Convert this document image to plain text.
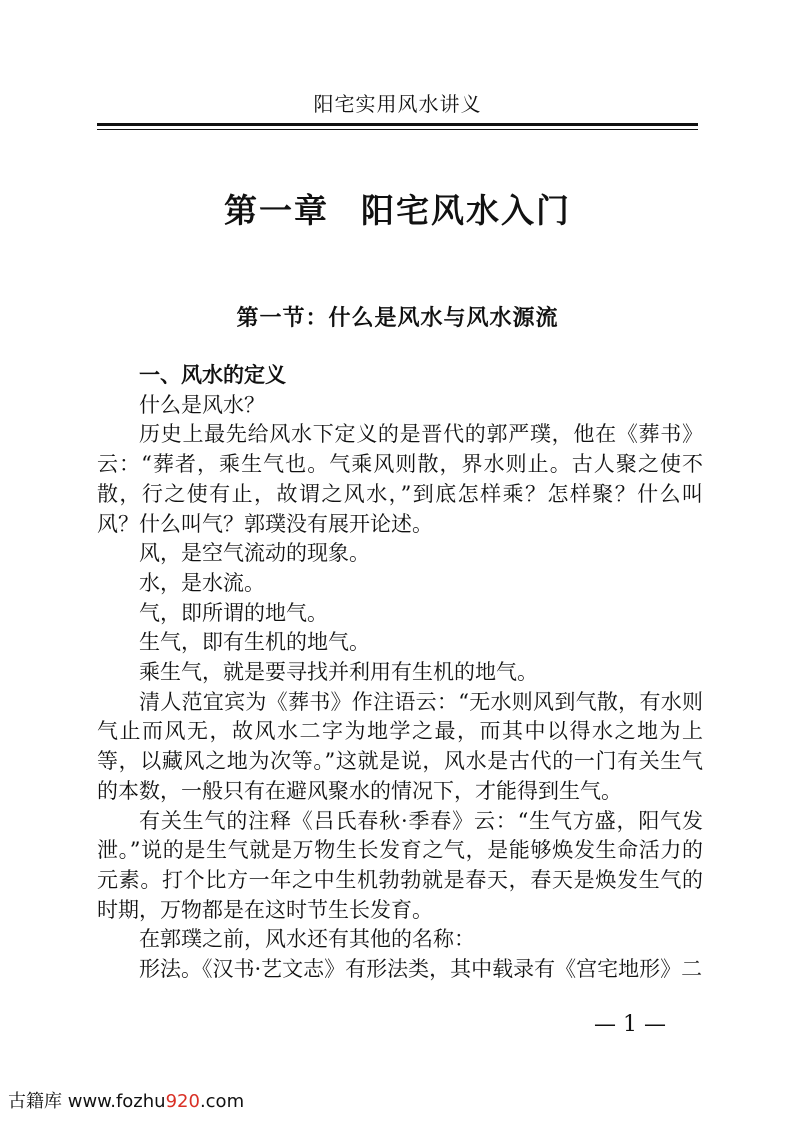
阳宅实用风水讲义
第一章 阳宅风水入门
第一节：什么是风水与风水源流

一、风水的定义

什么是风水？

历史上最先给风水下定义的是晋代的郭严璞，他在《葬书》云：“葬者，乘生气也。气乘风则散，界水则止。古人聚之使不散，行之使有止，故谓之风水，”到底怎样乘？怎样聚？什么叫风？什么叫气？郭璞没有展开论述。

风，是空气流动的现象。

水，是水流。

气，即所谓的地气。

生气，即有生机的地气。

乘生气，就是要寻找并利用有生机的地气。

清人范宜宾为《葬书》作注语云：“无水则风到气散，有水则气止而风无，故风水二字为地学之最，而其中以得水之地为上等，以藏风之地为次等。”这就是说，风水是古代的一门有关生气的本数，一般只有在避风聚水的情况下，才能得到生气。

有关生气的注释《吕氏春秋·季春》云：“生气方盛，阳气发泄。”说的是生气就是万物生长发育之气，是能够焕发生命活力的元素。打个比方一年之中生机勃勃就是春天，春天是焕发生气的时期，万物都是在这时节生长发育。

在郭璞之前，风水还有其他的名称：

形法。《汉书·艺文志》有形法类，其中载录有《宫宅地形》二

— 1 —
古籍库 www.fozhu920.com
